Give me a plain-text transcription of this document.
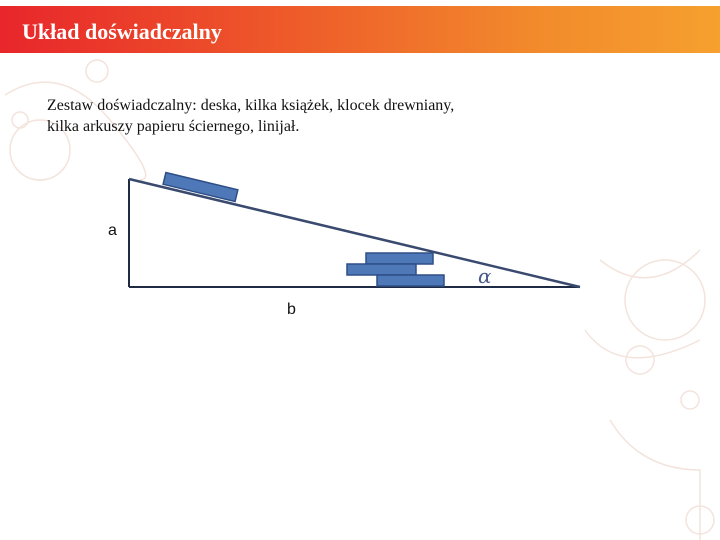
Układ doświadczalny
Zestaw doświadczalny: deska, kilka książek, klocek drewniany,
kilka arkuszy papieru ściernego, linijał.
a
b
α
